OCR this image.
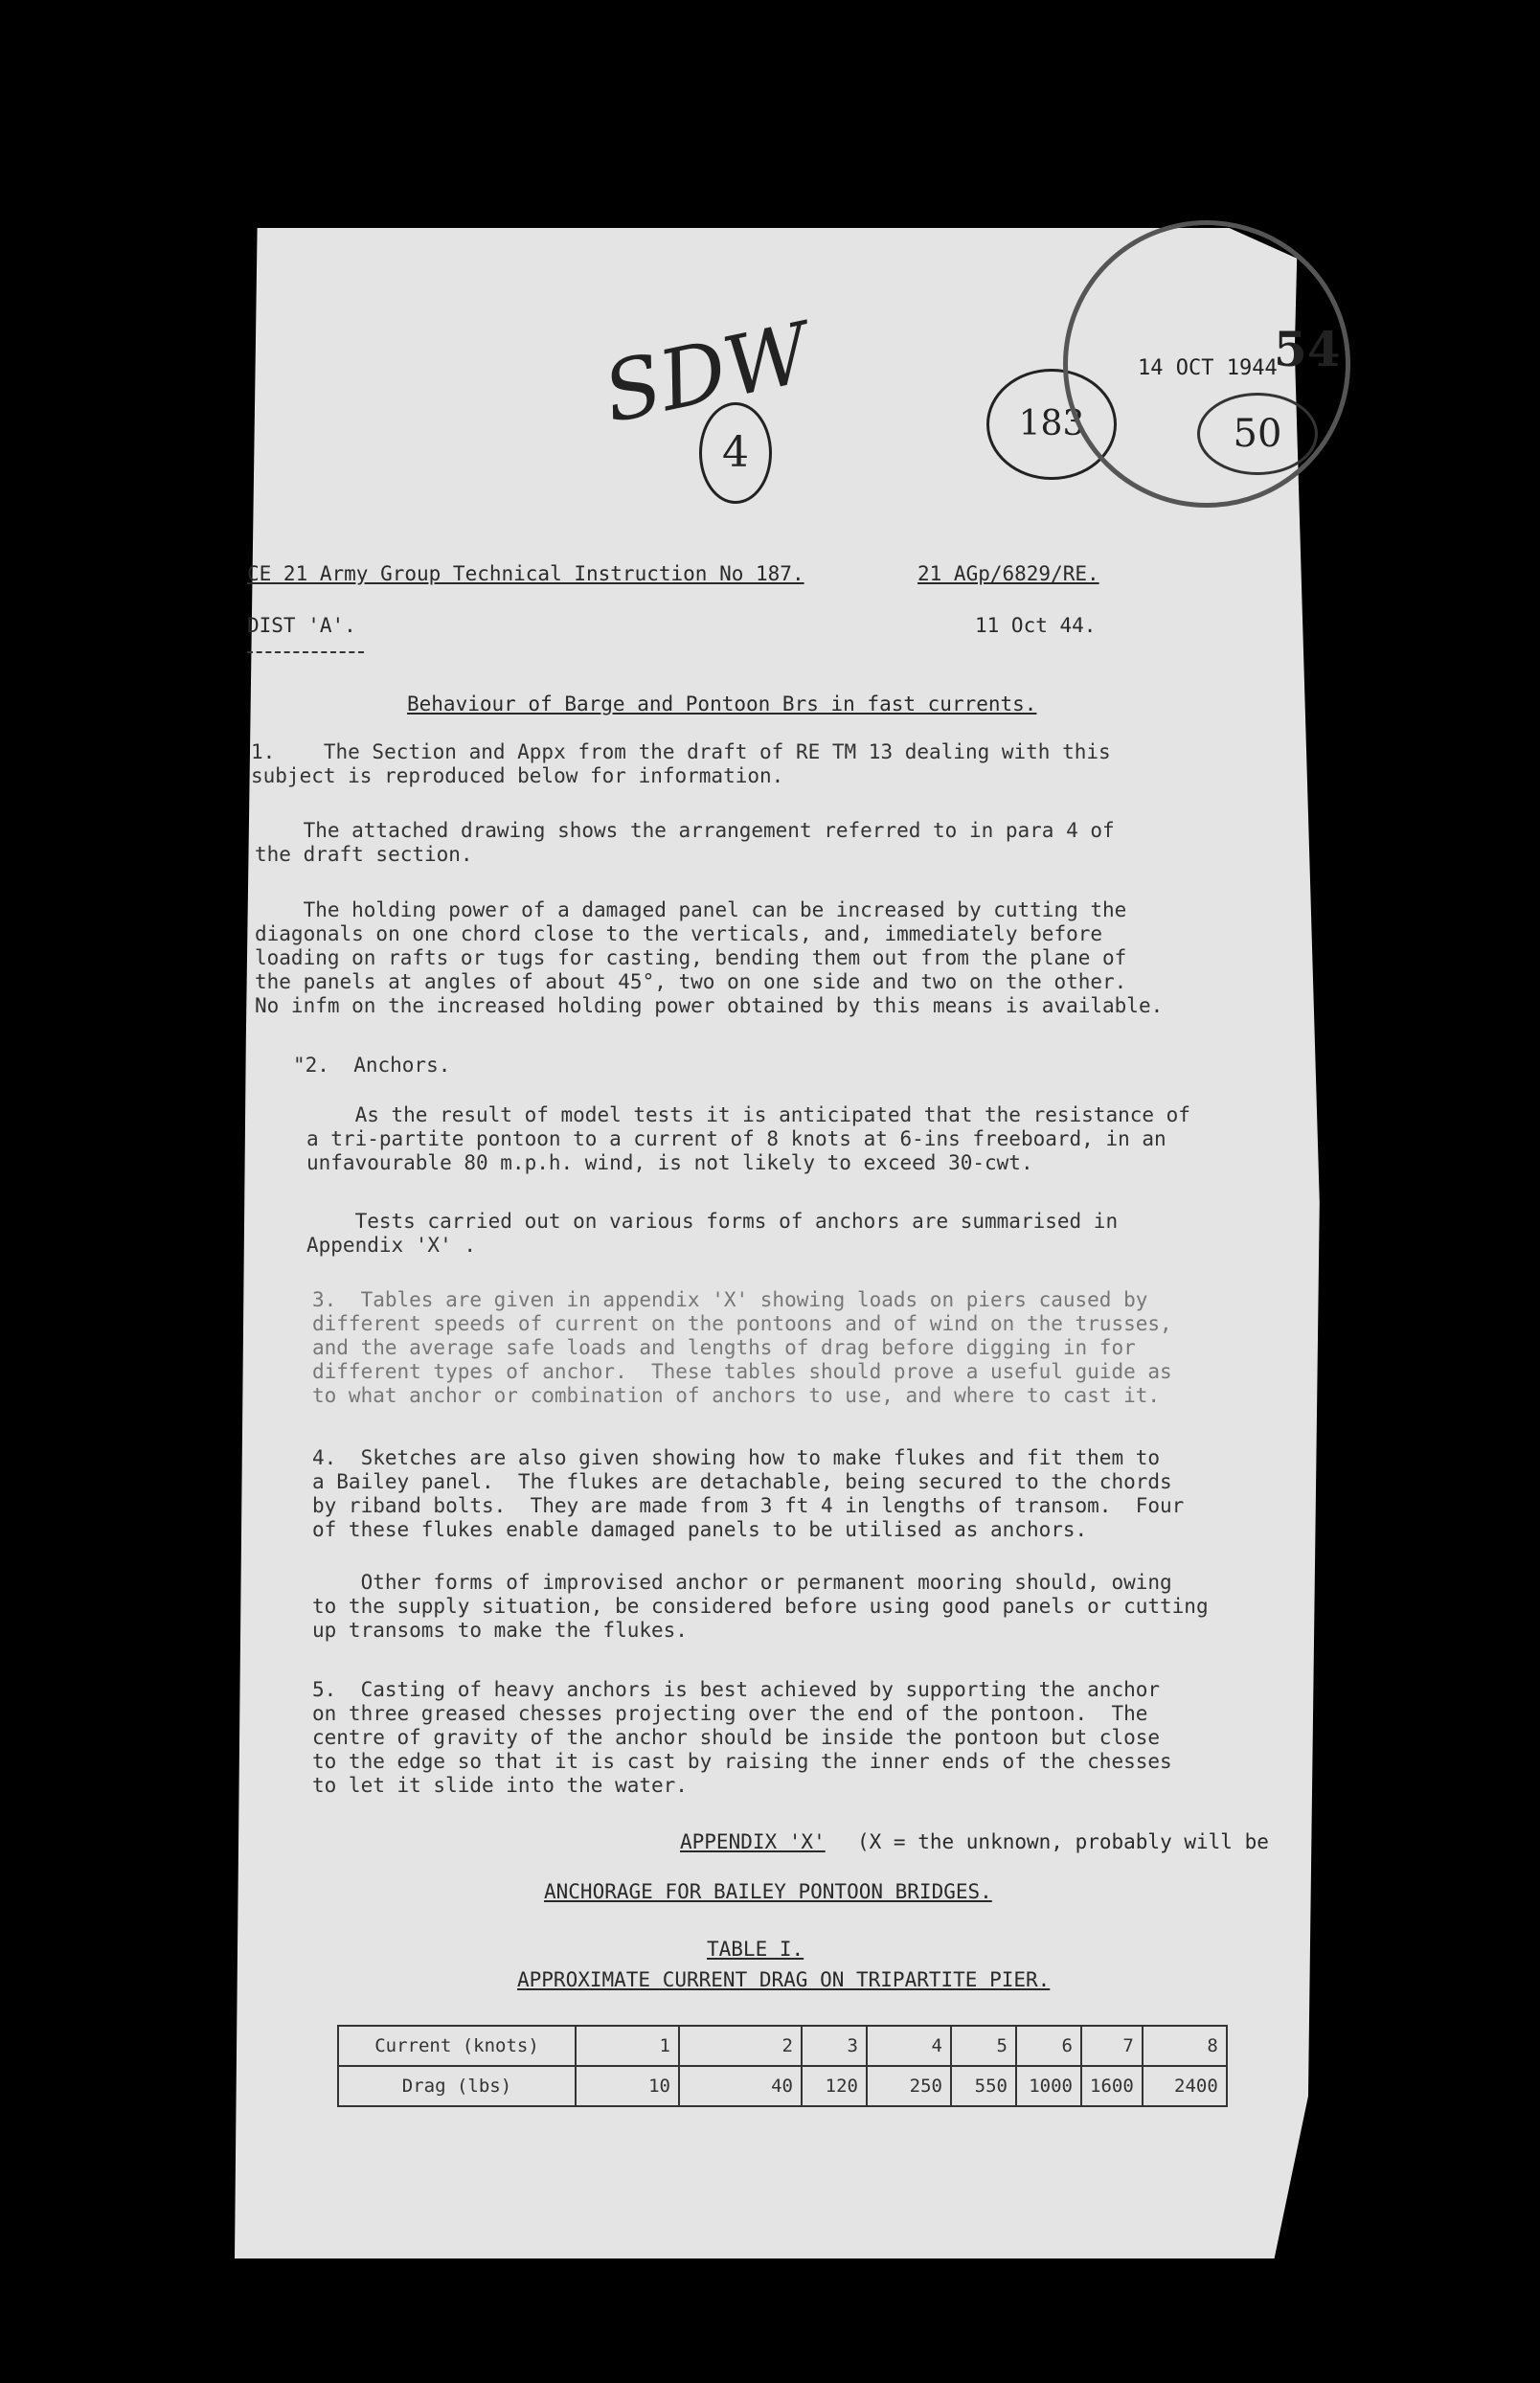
SDW
4
183
14 OCT 1944
54
50
CE 21 Army Group Technical Instruction No 187.	21 AGp/6829/RE.
DIST 'A'.	11 Oct 44.
Behaviour of Barge and Pontoon Brs in fast currents.
1.    The Section and Appx from the draft of RE TM 13 dealing with this
subject is reproduced below for information.
The attached drawing shows the arrangement referred to in para 4 of
the draft section.
The holding power of a damaged panel can be increased by cutting the
diagonals on one chord close to the verticals, and, immediately before
loading on rafts or tugs for casting, bending them out from the plane of
the panels at angles of about 45°, two on one side and two on the other.
No infm on the increased holding power obtained by this means is available.
"2.  Anchors.
As the result of model tests it is anticipated that the resistance of
a tri-partite pontoon to a current of 8 knots at 6-ins freeboard, in an
unfavourable 80 m.p.h. wind, is not likely to exceed 30-cwt.
Tests carried out on various forms of anchors are summarised in
Appendix 'X' .
3.  Tables are given in appendix 'X' showing loads on piers caused by
different speeds of current on the pontoons and of wind on the trusses,
and the average safe loads and lengths of drag before digging in for
different types of anchor.  These tables should prove a useful guide as
to what anchor or combination of anchors to use, and where to cast it.
4.  Sketches are also given showing how to make flukes and fit them to
a Bailey panel.  The flukes are detachable, being secured to the chords
by riband bolts.  They are made from 3 ft 4 in lengths of transom.  Four
of these flukes enable damaged panels to be utilised as anchors.
Other forms of improvised anchor or permanent mooring should, owing
to the supply situation, be considered before using good panels or cutting
up transoms to make the flukes.
5.  Casting of heavy anchors is best achieved by supporting the anchor
on three greased chesses projecting over the end of the pontoon.  The
centre of gravity of the anchor should be inside the pontoon but close
to the edge so that it is cast by raising the inner ends of the chesses
to let it slide into the water.
APPENDIX 'X' (X = the unknown, probably will be
ANCHORAGE FOR BAILEY PONTOON BRIDGES.
TABLE I.
APPROXIMATE CURRENT DRAG ON TRIPARTITE PIER.
Current (knots)	1	2	3	4	5	6	7	8
Drag (lbs)	10	40	120	250	550	1000	1600	2400
